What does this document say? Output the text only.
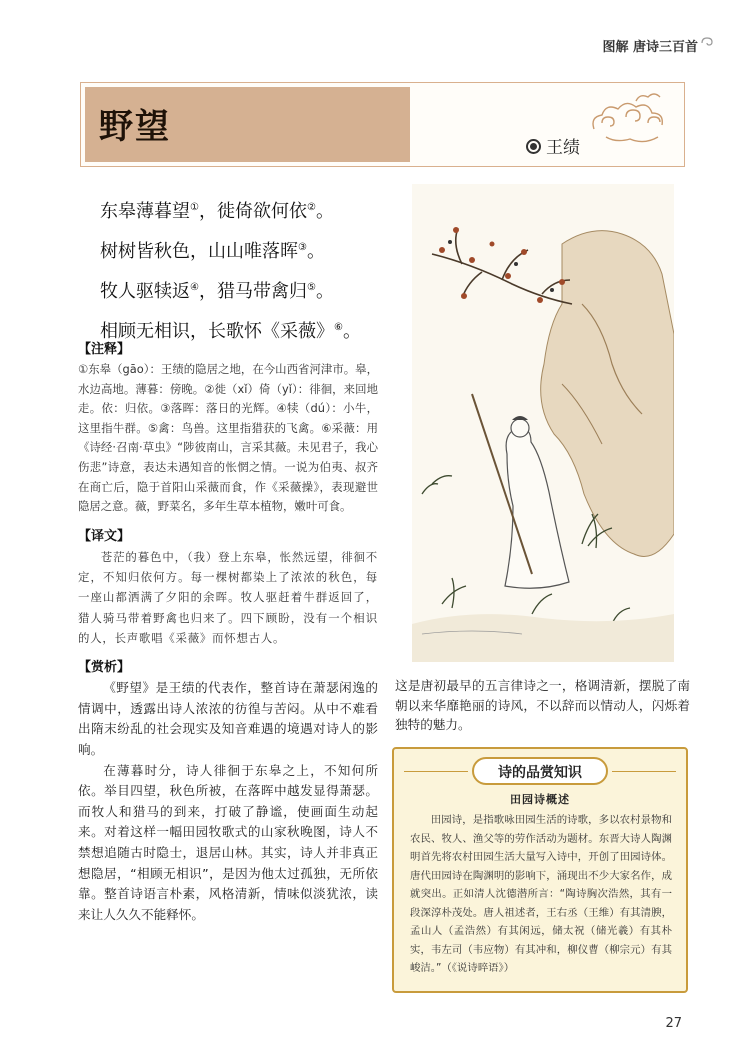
图解 唐诗三百首
野望
王绩
东皋薄暮望①，徙倚欲何依②。
树树皆秋色，山山唯落晖③。
牧人驱犊返④，猎马带禽归⑤。
相顾无相识，长歌怀《采薇》⑥。
【注释】
①东皋（gāo）：王绩的隐居之地，在今山西省河津市。皋，水边高地。薄暮：傍晚。②徙（xǐ）倚（yǐ）：徘徊，来回地走。依：归依。③落晖：落日的光辉。④犊（dú）：小牛，这里指牛群。⑤禽：鸟兽。这里指猎获的飞禽。⑥采薇：用《诗经·召南·草虫》“陟彼南山，言采其薇。未见君子，我心伤悲”诗意，表达未遇知音的怅惘之情。一说为伯夷、叔齐在商亡后，隐于首阳山采薇而食，作《采薇操》，表现避世隐居之意。薇，野菜名，多年生草本植物，嫩叶可食。
【译文】
苍茫的暮色中，（我）登上东皋，怅然远望，徘徊不定，不知归依何方。每一棵树都染上了浓浓的秋色，每一座山都洒满了夕阳的余晖。牧人驱赶着牛群返回了，猎人骑马带着野禽也归来了。四下顾盼，没有一个相识的人，长声歌唱《采薇》而怀想古人。
【赏析】

《野望》是王绩的代表作，整首诗在萧瑟闲逸的情调中，透露出诗人浓浓的彷徨与苦闷。从中不难看出隋末纷乱的社会现实及知音难遇的境遇对诗人的影响。

在薄暮时分，诗人徘徊于东皋之上，不知何所依。举目四望，秋色所被，在落晖中越发显得萧瑟。而牧人和猎马的到来，打破了静谧，使画面生动起来。对着这样一幅田园牧歌式的山家秋晚图，诗人不禁想追随古时隐士，退居山林。其实，诗人并非真正想隐居，“相顾无相识”，是因为他太过孤独，无所依靠。整首诗语言朴素，风格清新，情味似淡犹浓，读来让人久久不能释怀。

这是唐初最早的五言律诗之一，格调清新，摆脱了南朝以来华靡艳丽的诗风，不以辞而以情动人，闪烁着独特的魅力。
诗的品赏知识
田园诗概述
田园诗，是指歌咏田园生活的诗歌，多以农村景物和农民、牧人、渔父等的劳作活动为题材。东晋大诗人陶渊明首先将农村田园生活大量写入诗中，开创了田园诗体。唐代田园诗在陶渊明的影响下，涌现出不少大家名作，成就突出。正如清人沈德潜所言：“陶诗胸次浩然，其有一段深淳朴茂处。唐人祖述者，王右丞（王维）有其清腴，孟山人（孟浩然）有其闲远，储太祝（储光羲）有其朴实，韦左司（韦应物）有其冲和，柳仪曹（柳宗元）有其峻洁。”（《说诗晬语》）
27
